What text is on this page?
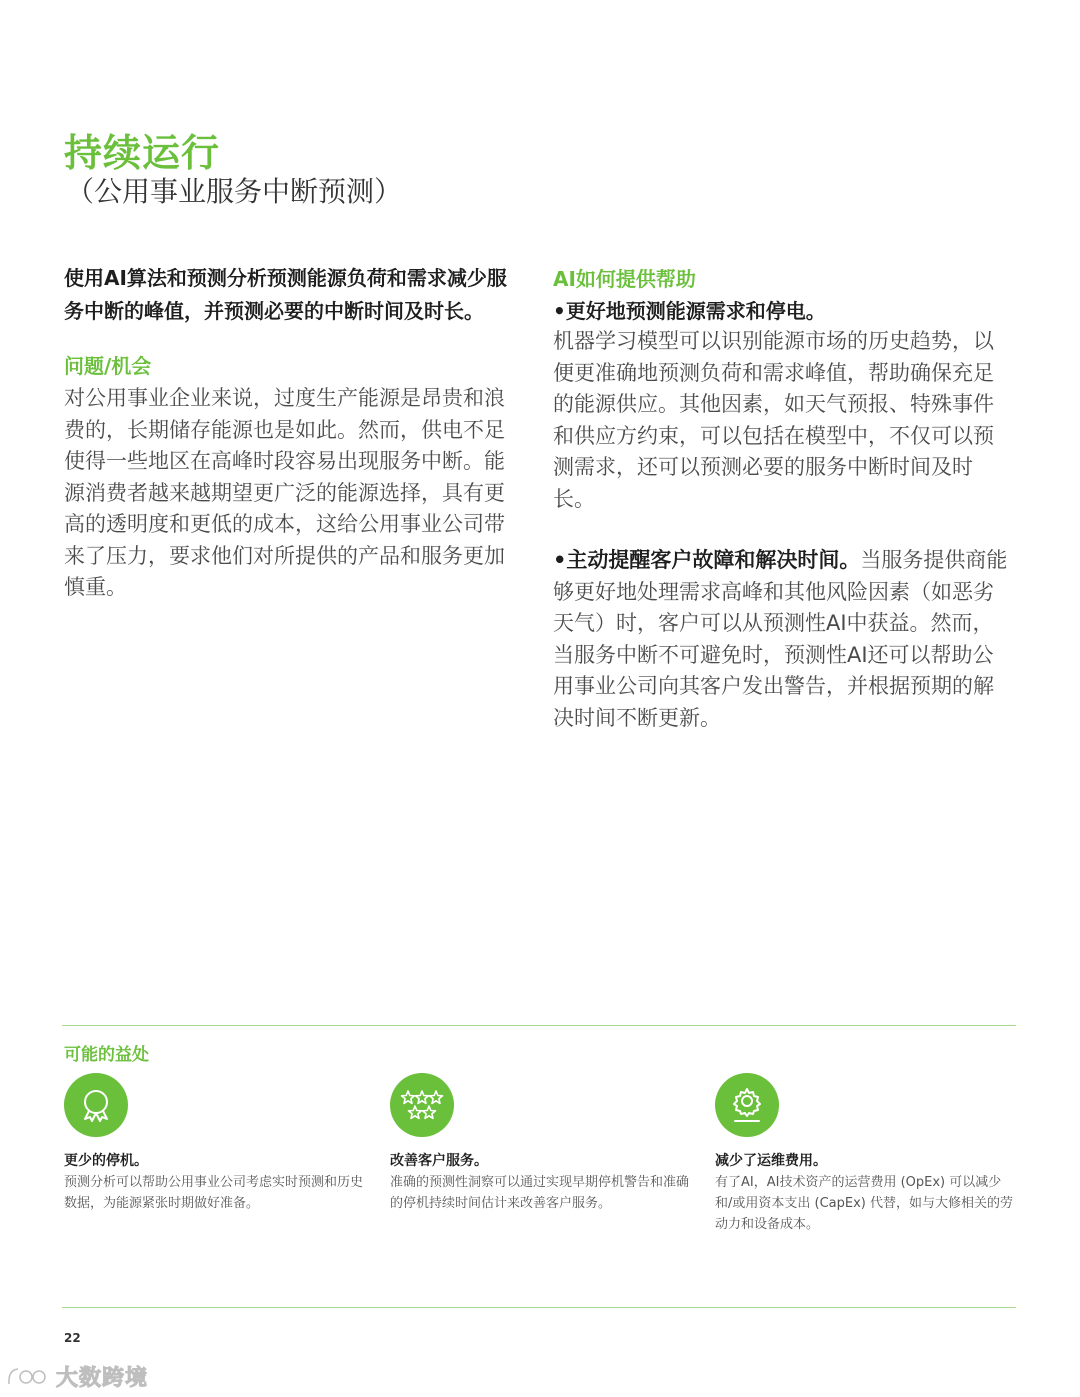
持续运行
（公用事业服务中断预测）

使用AI算法和预测分析预测能源负荷和需求减少服务中断的峰值，并预测必要的中断时间及时长。

问题/机会

对公用事业企业来说，过度生产能源是昂贵和浪费的，长期储存能源也是如此。然而，供电不足使得一些地区在高峰时段容易出现服务中断。能源消费者越来越期望更广泛的能源选择，具有更高的透明度和更低的成本，这给公用事业公司带来了压力，要求他们对所提供的产品和服务更加慎重。

AI如何提供帮助

•更好地预测能源需求和停电。

机器学习模型可以识别能源市场的历史趋势，以便更准确地预测负荷和需求峰值，帮助确保充足的能源供应。其他因素，如天气预报、特殊事件和供应方约束，可以包括在模型中，不仅可以预测需求，还可以预测必要的服务中断时间及时长。

•主动提醒客户故障和解决时间。当服务提供商能够更好地处理需求高峰和其他风险因素（如恶劣天气）时，客户可以从预测性AI中获益。然而，当服务中断不可避免时，预测性AI还可以帮助公用事业公司向其客户发出警告，并根据预期的解决时间不断更新。

可能的益处
更少的停机。
预测分析可以帮助公用事业公司考虑实时预测和历史数据，为能源紧张时期做好准备。
改善客户服务。
准确的预测性洞察可以通过实现早期停机警告和准确的停机持续时间估计来改善客户服务。
减少了运维费用。
有了AI，AI技术资产的运营费用 (OpEx) 可以减少和/或用资本支出 (CapEx) 代替，如与大修相关的劳动力和设备成本。
22
大数跨境
